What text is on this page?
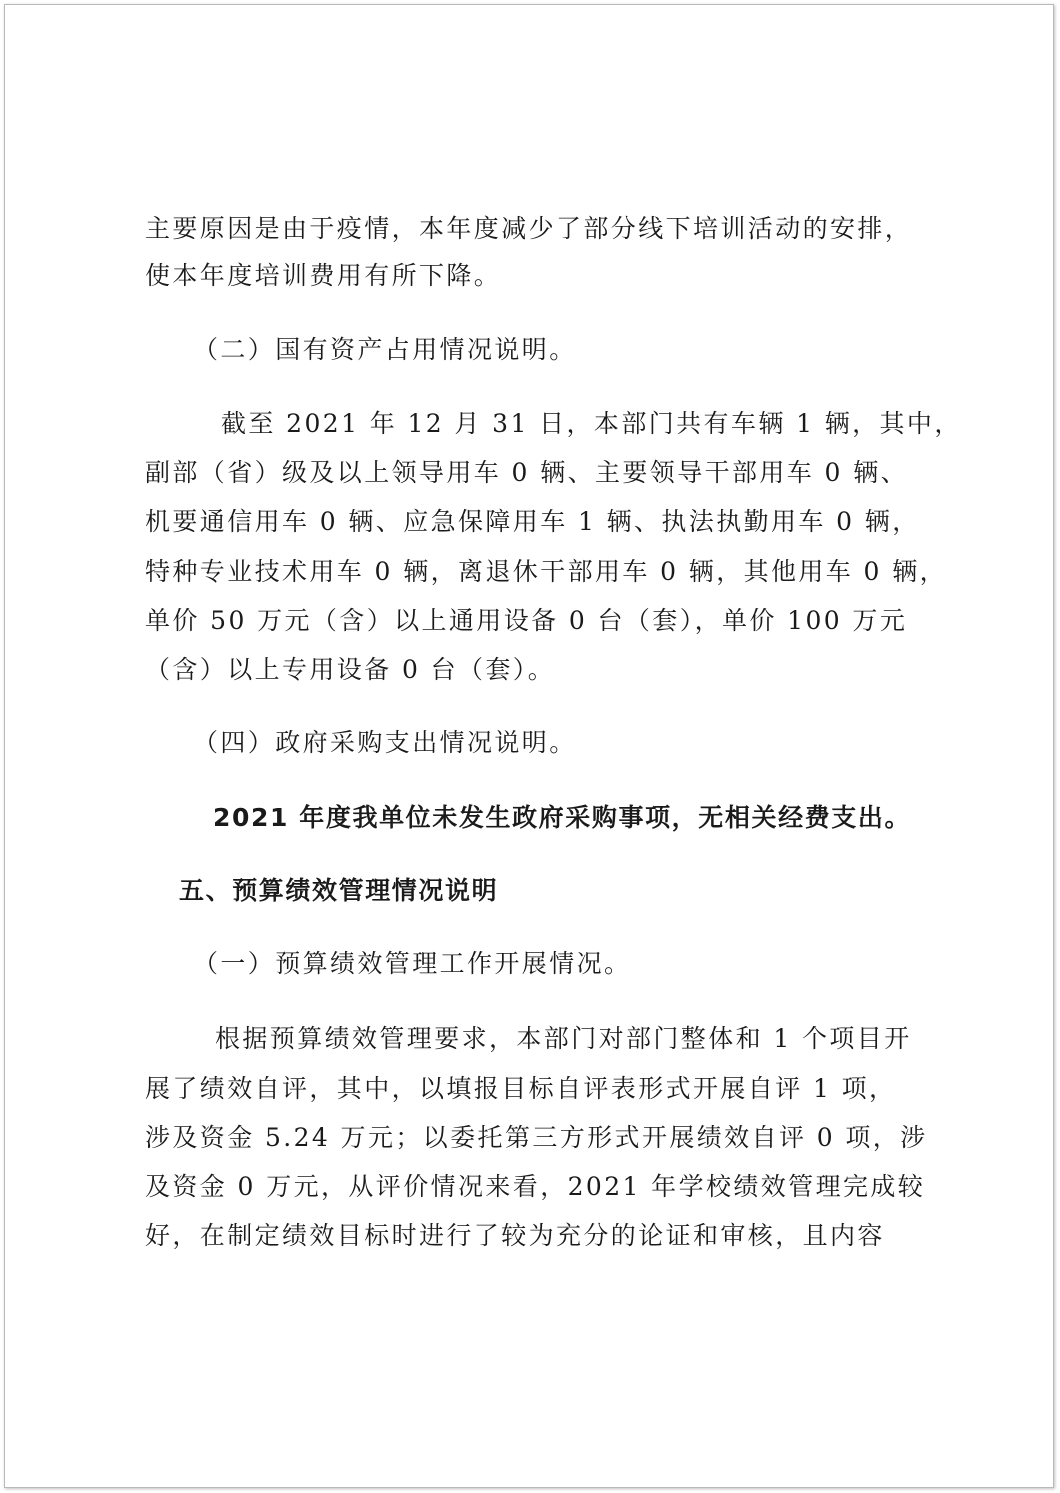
主要原因是由于疫情，本年度减少了部分线下培训活动的安排，
使本年度培训费用有所下降。
（二）国有资产占用情况说明。
截至 2021 年 12 月 31 日，本部门共有车辆 1 辆，其中，
副部（省）级及以上领导用车 0 辆、主要领导干部用车 0 辆、
机要通信用车 0 辆、应急保障用车 1 辆、执法执勤用车 0 辆，
特种专业技术用车 0 辆，离退休干部用车 0 辆，其他用车 0 辆，
单价 50 万元（含）以上通用设备 0 台（套），单价 100 万元
（含）以上专用设备 0 台（套）。
（四）政府采购支出情况说明。
2021 年度我单位未发生政府采购事项，无相关经费支出。
五、预算绩效管理情况说明
（一）预算绩效管理工作开展情况。
根据预算绩效管理要求，本部门对部门整体和 1 个项目开
展了绩效自评，其中，以填报目标自评表形式开展自评 1 项，
涉及资金 5.24 万元；以委托第三方形式开展绩效自评 0 项，涉
及资金 0 万元，从评价情况来看，2021 年学校绩效管理完成较
好，在制定绩效目标时进行了较为充分的论证和审核，且内容
